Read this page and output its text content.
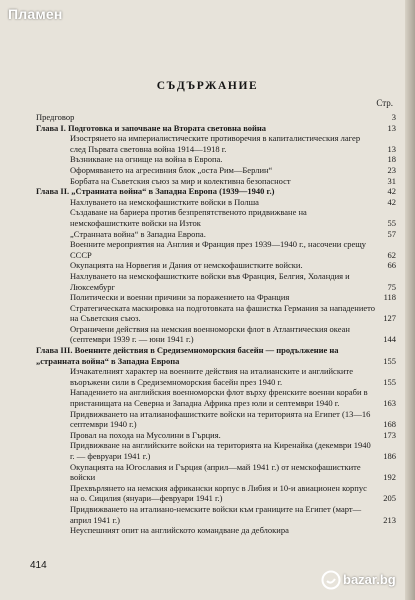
Пламен
СЪДЪРЖАНИЕ
Стр.
Предговор	3
Глава I. Подготовка и започване на Втората световна война	13
Изострянето на империалистическите противоречия в капиталистическия лагер след Първата световна война 1914—1918 г.	13
Възникване на огнище на война в Европа.	18
Оформяването на агресивния блок „оста Рим—Берлин“	23
Борбата на Съветския съюз за мир и колективна безопасност	31
Глава II. „Странната война“ в Западна Европа (1939—1940 г.)	42
Нахлуването на немскофашистките войски в Полша	42
Създаване на бариера против безпрепятственото придвижване на немскофашистките войски на Изток	55
„Странната война“ в Западна Европа.	57
Военните мероприятия на Англия и Франция през 1939—1940 г., насочени срещу СССР	62
Окупацията на Норвегия и Дания от немскофашистките войски.	66
Нахлуването на немскофашистките войски във Франция, Белгия, Холандия и Люксембург	75
Политически и военни причини за поражението на Франция	118
Стратегическата маскировка на подготовката на фашистка Германия за нападението на Съветския съюз.	127
Ограничени действия на немския военноморски флот в Атлантическия океан (септември 1939 г. — юни 1941 г.)	144
Глава III. Военните действия в Средиземноморския басейн — продължение на „странната война“ в Западна Европа	155
Изчакателният характер на военните действия на италианските и английските въоръжени сили в Средиземноморския басейн през 1940 г.	155
Нападението на английския военноморски флот върху френските военни кораби в пристанищата на Северна и Западна Африка през юли и септември 1940 г.	163
Придвижването на италианофашистките войски на територията на Египет (13—16 септември 1940 г.)	168
Провал на похода на Мусолини в Гърция.	173
Придвижване на английските войски на територията на Киренайка (декември 1940 г. — февруари 1941 г.)	186
Окупацията на Югославия и Гърция (април—май 1941 г.) от немскофашистките войски	192
Прехвърлянето на немския африкански корпус в Либия и 10-и авиационен корпус на о. Сицилия (януари—февруари 1941 г.)	205
Придвижването на италиано-немските войски към границите на Египет (март—април 1941 г.)	213
Неуспешният опит на английското командване да деблокира
414
bazar.bg
